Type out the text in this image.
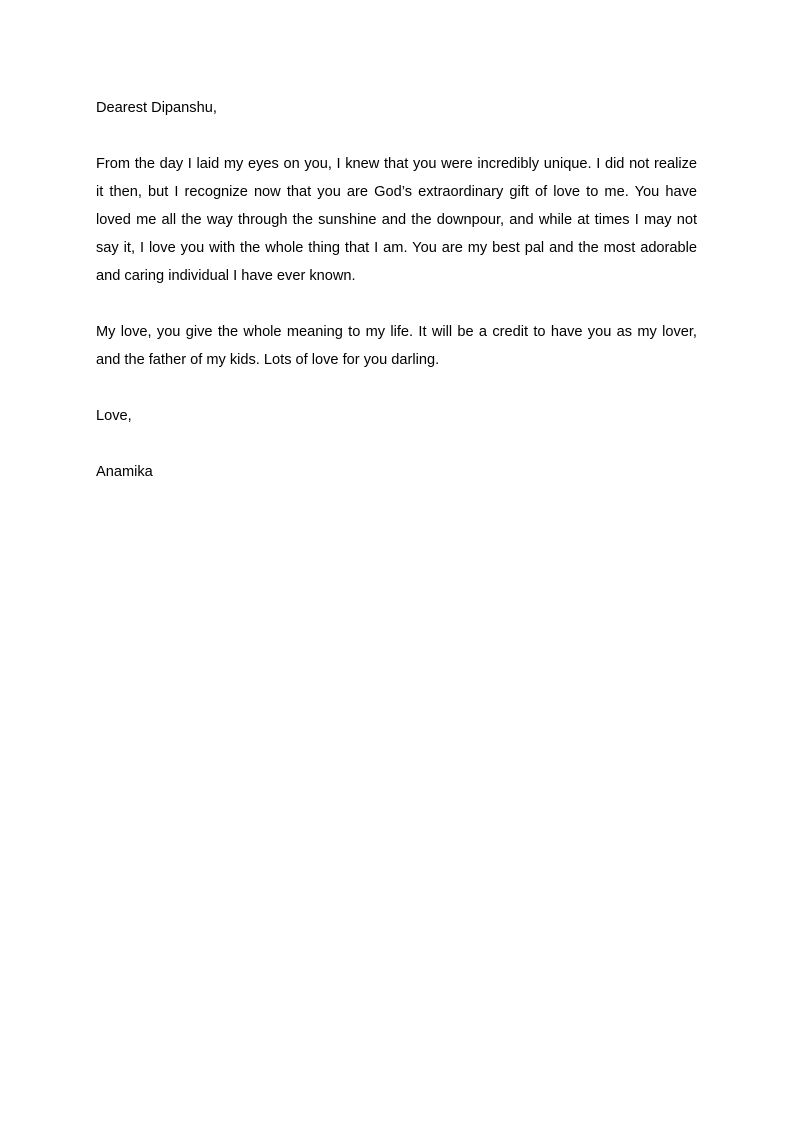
Dearest Dipanshu,

From the day I laid my eyes on you, I knew that you were incredibly unique. I did not realize it then, but I recognize now that you are God’s extraordinary gift of love to me. You have loved me all the way through the sunshine and the downpour, and while at times I may not say it, I love you with the whole thing that I am. You are my best pal and the most adorable and caring individual I have ever known.

My love, you give the whole meaning to my life. It will be a credit to have you as my lover, and the father of my kids. Lots of love for you darling.

Love,

Anamika
